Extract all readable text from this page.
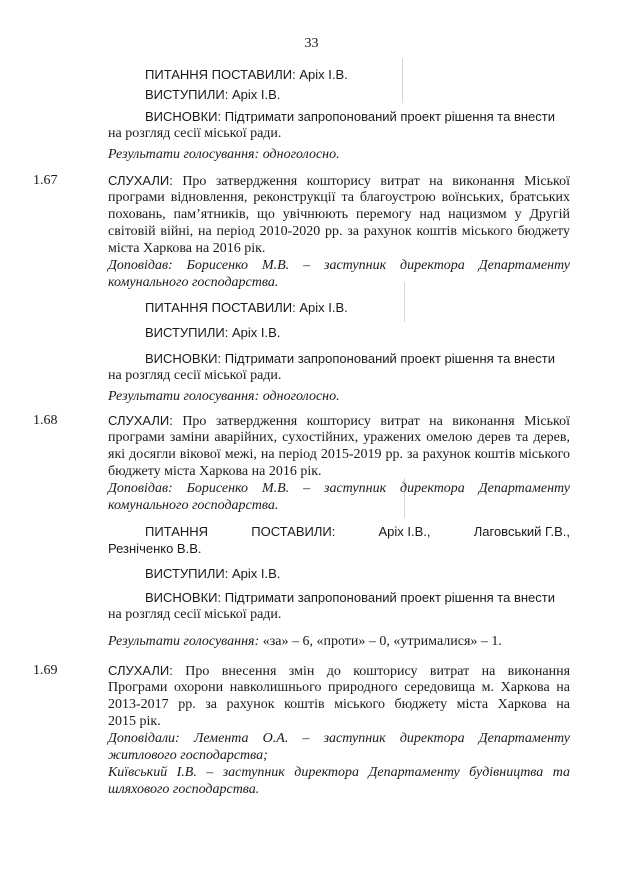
33
ПИТАННЯ ПОСТАВИЛИ: Аріх І.В.
ВИСТУПИЛИ: Аріх І.В.
ВИСНОВКИ: Підтримати запропонований проект рішення та внести
на розгляд сесії міської ради.
Результати голосування: одноголосно.
1.67	СЛУХАЛИ: Про затвердження кошторису витрат на виконання Міської
програми відновлення, реконструкції та благоустрою воїнських, братських
поховань, пам’ятників, що увічнюють перемогу над нацизмом у Другій
світовій війні, на період 2010-2020 рр. за рахунок коштів міського бюджету
міста Харкова на 2016 рік.
Доповідав: Борисенко М.В. – заступник директора Департаменту
комунального господарства.
ПИТАННЯ ПОСТАВИЛИ: Аріх І.В.
ВИСТУПИЛИ: Аріх І.В.
ВИСНОВКИ: Підтримати запропонований проект рішення та внести
на розгляд сесії міської ради.
Результати голосування: одноголосно.
1.68	СЛУХАЛИ: Про затвердження кошторису витрат на виконання Міської
програми заміни аварійних, сухостійних, уражених омелою дерев та дерев,
які досягли вікової межі, на період 2015-2019 рр. за рахунок коштів міського
бюджету міста Харкова на 2016 рік.
Доповідав: Борисенко М.В. – заступник директора Департаменту
комунального господарства.
ПИТАННЯ	ПОСТАВИЛИ:	Аріх І.В.,	Лаговський Г.В.,
Резніченко В.В.
ВИСТУПИЛИ: Аріх І.В.
ВИСНОВКИ: Підтримати запропонований проект рішення та внести
на розгляд сесії міської ради.
Результати голосування: «за» – 6, «проти» – 0, «утрималися» – 1.
1.69	СЛУХАЛИ: Про внесення змін до кошторису витрат на виконання
Програми охорони навколишнього природного середовища м. Харкова на
2013-2017 рр. за рахунок коштів міського бюджету міста Харкова на
2015 рік.
Доповідали: Лемента О.А. – заступник директора Департаменту
житлового господарства;
Київський І.В. – заступник директора Департаменту будівництва та
шляхового господарства.
